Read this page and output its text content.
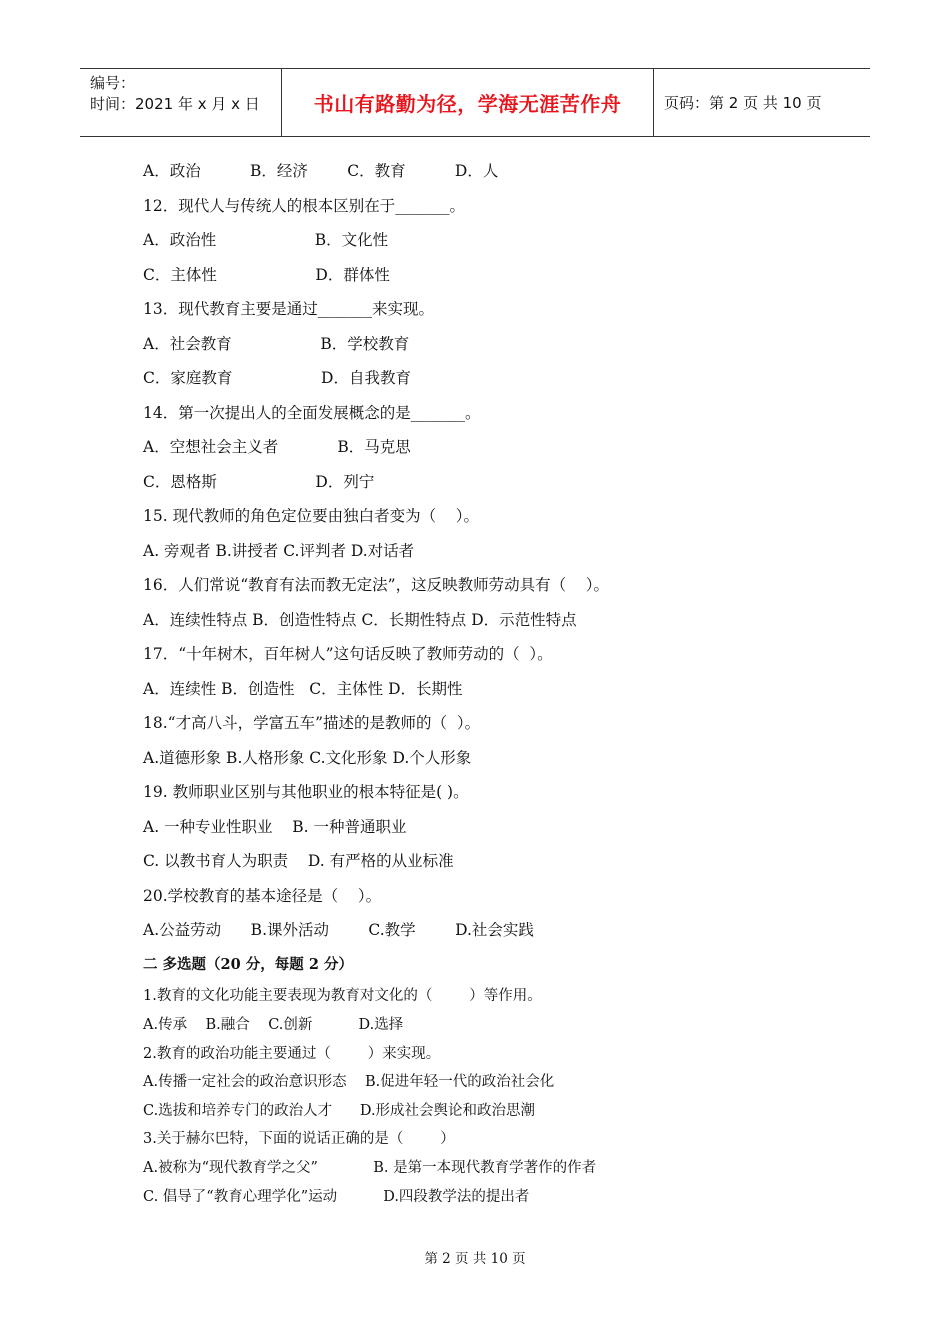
编号：
时间：2021 年 x 月 x 日	书山有路勤为径，学海无涯苦作舟	页码：第 2 页 共 10 页
A．政治          B．经济        C．教育          D．人
12．现代人与传统人的根本区别在于_______。
A．政治性                    B．文化性
C．主体性                    D．群体性
13．现代教育主要是通过_______来实现。
A．社会教育                  B．学校教育
C．家庭教育                  D．自我教育
14．第一次提出人的全面发展概念的是_______。
A．空想社会主义者            B．马克思
C．恩格斯                    D．列宁
15. 现代教师的角色定位要由独白者变为（    ）。
A. 旁观者 B.讲授者 C.评判者 D.对话者
16．人们常说“教育有法而教无定法”，这反映教师劳动具有（    ）。
A．连续性特点 B．创造性特点 C．长期性特点 D．示范性特点
17．“十年树木，百年树人”这句话反映了教师劳动的（  ）。
A．连续性 B．创造性   C．主体性 D．长期性
18.“才高八斗，学富五车”描述的是教师的（  ）。
A.道德形象 B.人格形象 C.文化形象 D.个人形象
19. 教师职业区别与其他职业的根本特征是( )。
A. 一种专业性职业    B. 一种普通职业
C. 以教书育人为职责    D. 有严格的从业标准
20.学校教育的基本途径是（    ）。
A.公益劳动      B.课外活动        C.教学        D.社会实践
二 多选题（20 分，每题 2 分）
1.教育的文化功能主要表现为教育对文化的（        ）等作用。
A.传承    B.融合    C.创新          D.选择
2.教育的政治功能主要通过（        ）来实现。
A.传播一定社会的政治意识形态    B.促进年轻一代的政治社会化
C.选拔和培养专门的政治人才      D.形成社会舆论和政治思潮
3.关于赫尔巴特，下面的说话正确的是（        ）
A.被称为“现代教育学之父”            B. 是第一本现代教育学著作的作者
C. 倡导了“教育心理学化”运动          D.四段教学法的提出者
第 2 页 共 10 页
